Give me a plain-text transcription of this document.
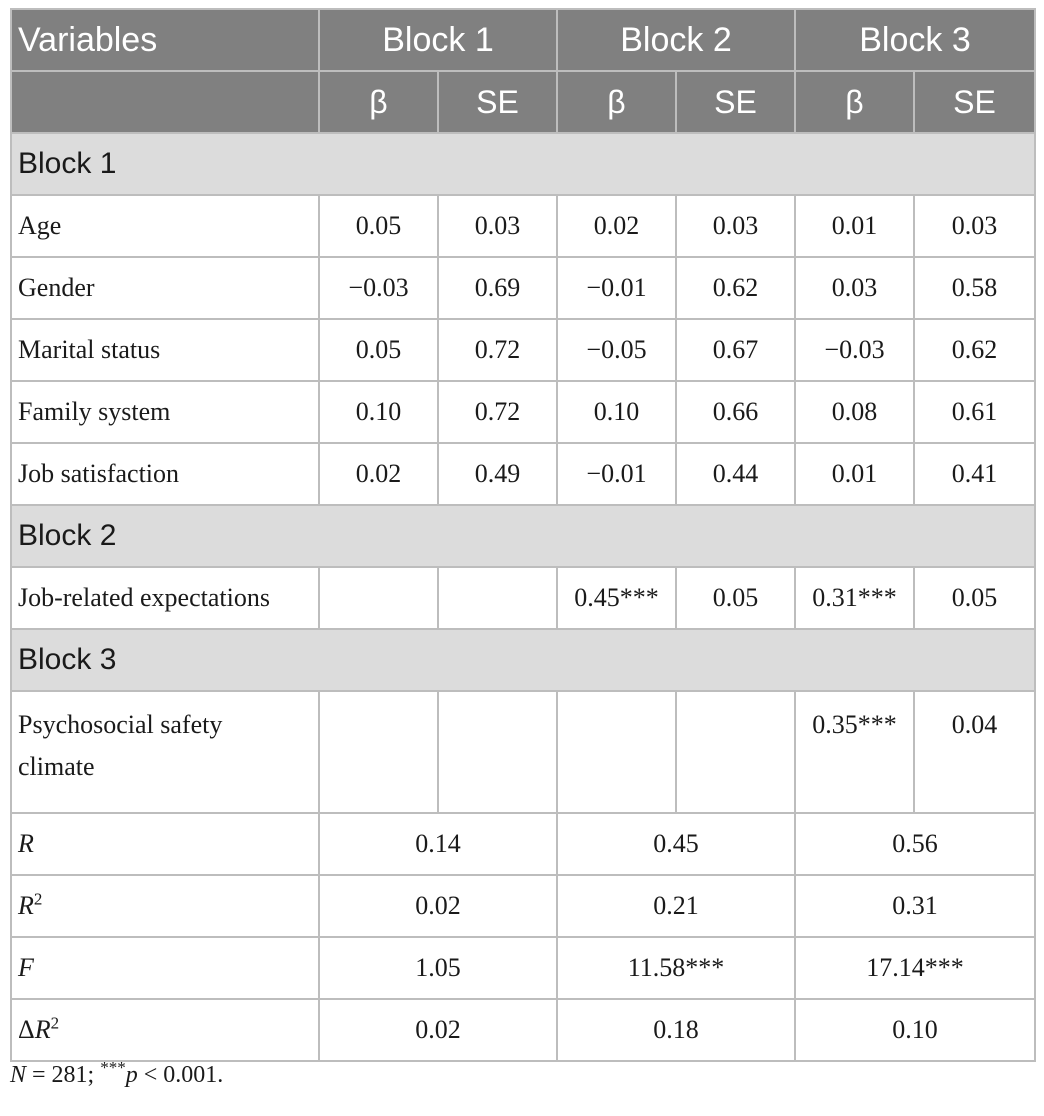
Variables	Block 1		Block 2		Block 3	
	β	SE	β	SE	β	SE
Block 1						
Age	0.05	0.03	0.02	0.03	0.01	0.03
Gender	−0.03	0.69	−0.01	0.62	0.03	0.58
Marital status	0.05	0.72	−0.05	0.67	−0.03	0.62
Family system	0.10	0.72	0.10	0.66	0.08	0.61
Job satisfaction	0.02	0.49	−0.01	0.44	0.01	0.41
Block 2						
Job-related expectations			0.45***	0.05	0.31***	0.05
Block 3						
Psychosocial safety
climate					0.35***	0.04
R	0.14		0.45		0.56	
$R^2$	0.02		0.21		0.31	
F	1.05		11.58***		17.14***	
$\Delta R^2$	0.02		0.18		0.10	
N = 281; ***p < 0.001.
